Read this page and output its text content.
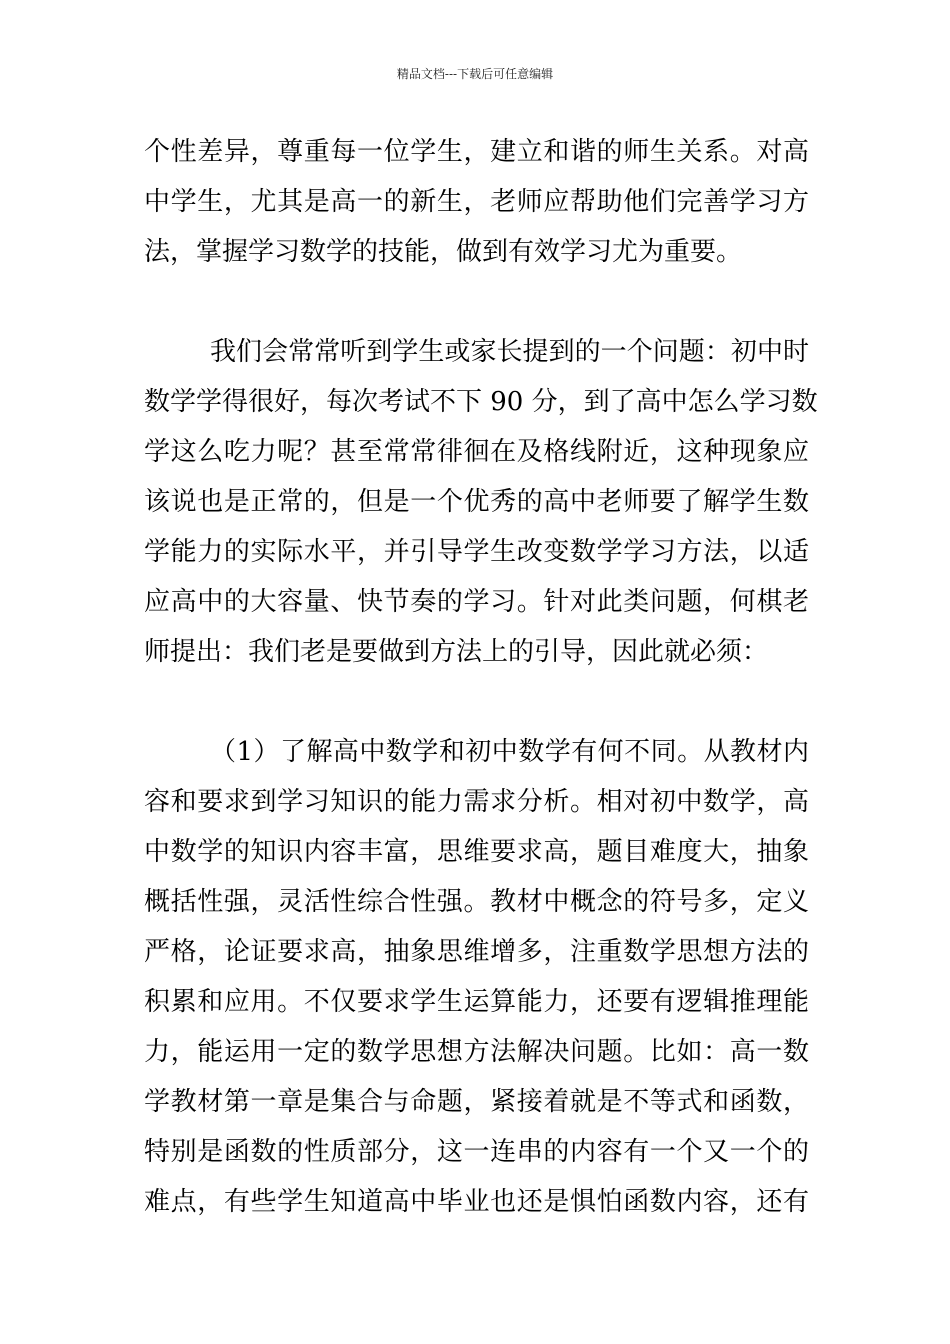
精品文档---下载后可任意编辑
个性差异，尊重每一位学生，建立和谐的师生关系。对高
中学生，尤其是高一的新生，老师应帮助他们完善学习方
法，掌握学习数学的技能，做到有效学习尤为重要。
我们会常常听到学生或家长提到的一个问题：初中时
数学学得很好，每次考试不下 90 分，到了高中怎么学习数
学这么吃力呢？甚至常常徘徊在及格线附近，这种现象应
该说也是正常的，但是一个优秀的高中老师要了解学生数
学能力的实际水平，并引导学生改变数学学习方法，以适
应高中的大容量、快节奏的学习。针对此类问题，何棋老
师提出：我们老是要做到方法上的引导，因此就必须：
（1）了解高中数学和初中数学有何不同。从教材内
容和要求到学习知识的能力需求分析。相对初中数学，高
中数学的知识内容丰富，思维要求高，题目难度大，抽象
概括性强，灵活性综合性强。教材中概念的符号多，定义
严格，论证要求高，抽象思维增多，注重数学思想方法的
积累和应用。不仅要求学生运算能力，还要有逻辑推理能
力，能运用一定的数学思想方法解决问题。比如：高一数
学教材第一章是集合与命题，紧接着就是不等式和函数，
特别是函数的性质部分，这一连串的内容有一个又一个的
难点，有些学生知道高中毕业也还是惧怕函数内容，还有
